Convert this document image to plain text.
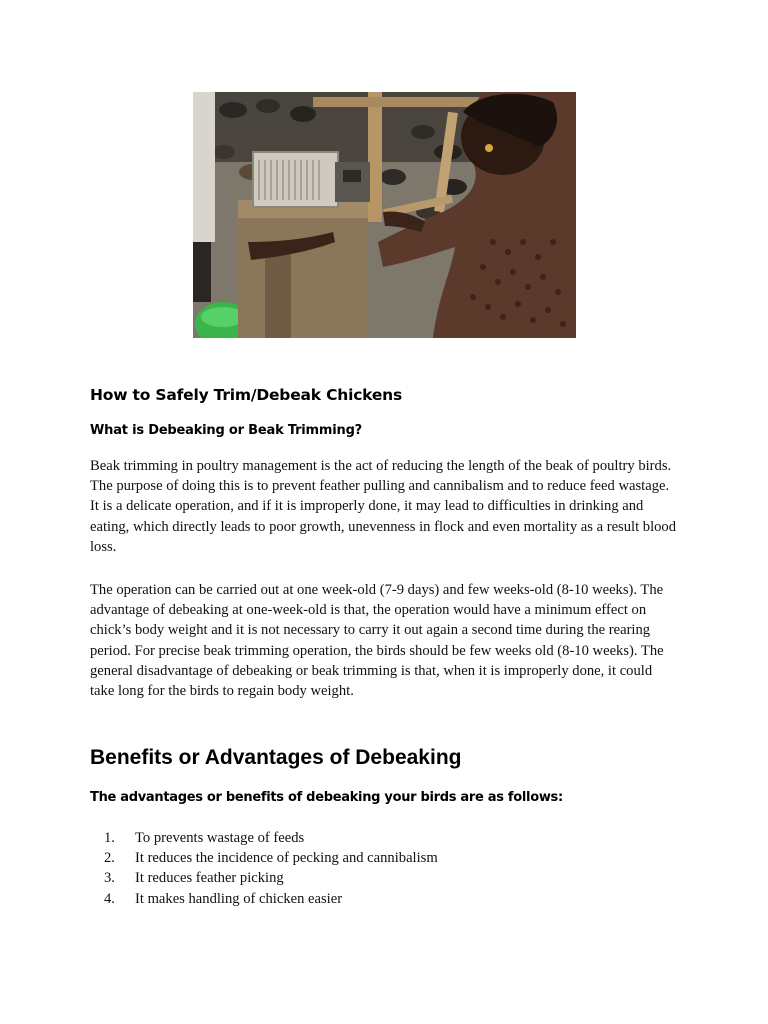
How to Safely Trim/Debeak Chickens
What is Debeaking or Beak Trimming?

Beak trimming in poultry management is the act of reducing the length of the beak of poultry birds. The purpose of doing this is to prevent feather pulling and cannibalism and to reduce feed wastage. It is a delicate operation, and if it is improperly done, it may lead to difficulties in drinking and eating, which directly leads to poor growth, unevenness in flock and even mortality as a result blood loss.

The operation can be carried out at one week-old (7-9 days) and few weeks-old (8-10 weeks). The advantage of debeaking at one-week-old is that, the operation would have a minimum effect on chick’s body weight and it is not necessary to carry it out again a second time during the rearing period. For precise beak trimming operation, the birds should be few weeks old (8-10 weeks). The general disadvantage of debeaking or beak trimming is that, when it is improperly done, it could take long for the birds to regain body weight.

Benefits or Advantages of Debeaking
The advantages or benefits of debeaking your birds are as follows:
1.	To prevents wastage of feeds
2.	It reduces the incidence of pecking and cannibalism
3.	It reduces feather picking
4.	It makes handling of chicken easier
